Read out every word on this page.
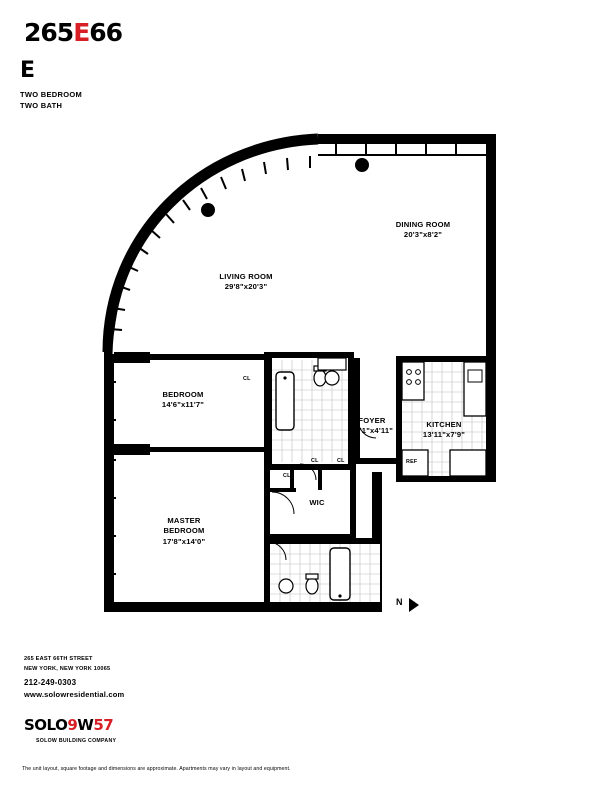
265E66
E
TWO BEDROOM
TWO BATH
LIVING ROOM
29'8"x20'3"
DINING ROOM
20'3"x8'2"
BEDROOM
14'6"x11'7"
MASTER
BEDROOM
17'8"x14'0"
FOYER
14'1"x4'11"
KITCHEN
13'11"x7'9"
WIC
CL
CL
CL
CL	CL	REF
N
265 EAST 66TH STREET
NEW YORK, NEW YORK 10065
212-249-0303
www.solowresidential.com
SOLO9W57
SOLOW BUILDING COMPANY
The unit layout, square footage and dimensions are approximate. Apartments may vary in layout and equipment.
